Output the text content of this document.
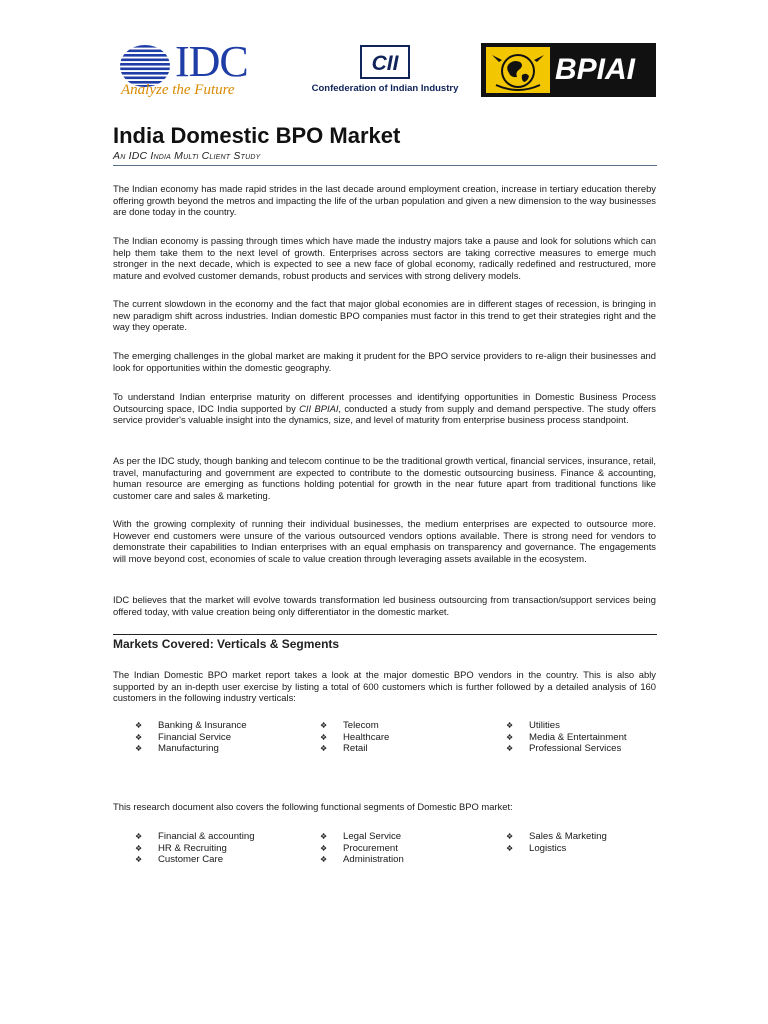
IDC
Analyze the Future
CII
Confederation of Indian Industry
BPIAI
India Domestic BPO Market
An IDC India Multi Client Study

The Indian economy has made rapid strides in the last decade around employment creation, increase in tertiary education thereby offering growth beyond the metros and impacting the life of the urban population and given a new dimension to the way businesses are done today in the country.

The Indian economy is passing through times which have made the industry majors take a pause and look for solutions which can help them take them to the next level of growth. Enterprises across sectors are taking corrective measures to emerge much stronger in the next decade, which is expected to see a new face of global economy, radically redefined and restructured, more mature and evolved customer demands, robust products and services with strong delivery models.

The current slowdown in the economy and the fact that major global economies are in different stages of recession, is bringing in new paradigm shift across industries. Indian domestic BPO companies must factor in this trend to get their strategies right and the way they operate.

The emerging challenges in the global market are making it prudent for the BPO service providers to re-align their businesses and look for opportunities within the domestic geography.

To understand Indian enterprise maturity on different processes and identifying opportunities in Domestic Business Process Outsourcing space, IDC India supported by CII BPIAI, conducted a study from supply and demand perspective. The study offers service provider's valuable insight into the dynamics, size, and level of maturity from enterprise business process standpoint.

As per the IDC study, though banking and telecom continue to be the traditional growth vertical, financial services, insurance, retail, travel, manufacturing and government are expected to contribute to the domestic outsourcing business. Finance & accounting, human resource are emerging as functions holding potential for growth in the near future apart from traditional functions like customer care and sales & marketing.

With the growing complexity of running their individual businesses, the medium enterprises are expected to outsource more. However end customers were unsure of the various outsourced vendors options available. There is strong need for vendors to demonstrate their capabilities to Indian enterprises with an equal emphasis on transparency and governance. The engagements will move beyond cost, economies of scale to value creation through leveraging assets available in the ecosystem.

IDC believes that the market will evolve towards transformation led business outsourcing from transaction/support services being offered today, with value creation being only differentiator in the domestic market.

Markets Covered: Verticals & Segments

The Indian Domestic BPO market report takes a look at the major domestic BPO vendors in the country. This is also ably supported by an in-depth user exercise by listing a total of 600 customers which is further followed by a detailed analysis of 160 customers in the following industry verticals:

❖ Banking & Insurance
❖ Financial Service
❖ Manufacturing
❖ Telecom
❖ Healthcare
❖ Retail
❖ Utilities
❖ Media & Entertainment
❖ Professional Services

This research document also covers the following functional segments of Domestic BPO market:

❖ Financial & accounting
❖ HR & Recruiting
❖ Customer Care
❖ Legal Service
❖ Procurement
❖ Administration
❖ Sales & Marketing
❖ Logistics
